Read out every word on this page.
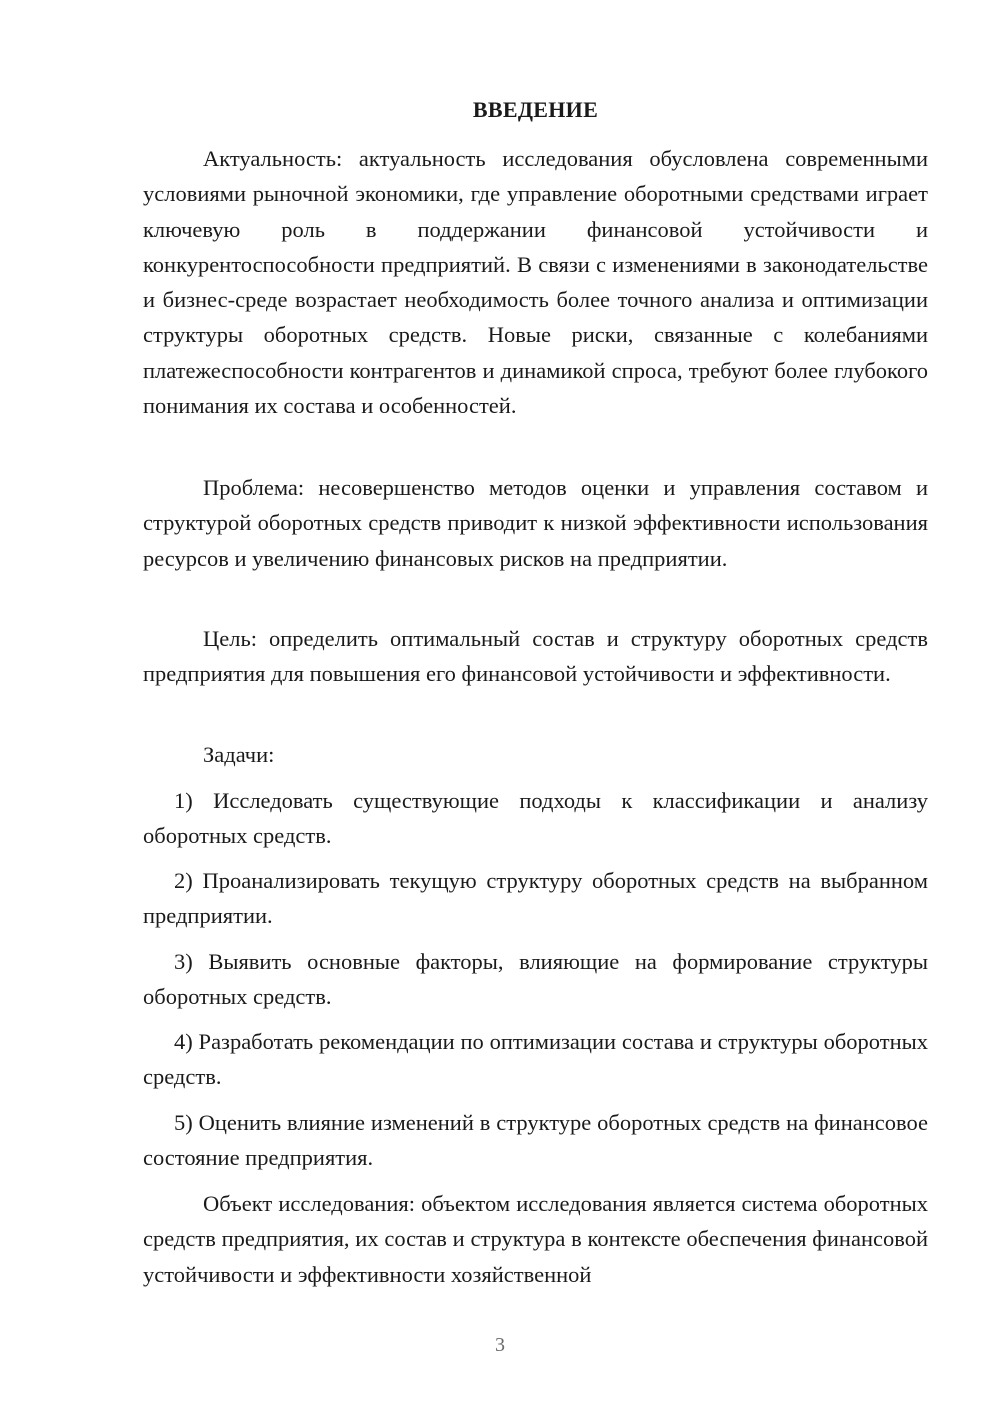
ВВЕДЕНИЕ

Актуальность: актуальность исследования обусловлена современными условиями рыночной экономики, где управление оборотными средствами играет ключевую роль в поддержании финансовой устойчивости и конкурентоспособности предприятий. В связи с изменениями в законодательстве и бизнес-среде возрастает необходимость более точного анализа и оптимизации структуры оборотных средств. Новые риски, связанные с колебаниями платежеспособности контрагентов и динамикой спроса, требуют более глубокого понимания их состава и особенностей.

Проблема: несовершенство методов оценки и управления составом и структурой оборотных средств приводит к низкой эффективности использования ресурсов и увеличению финансовых рисков на предприятии.

Цель: определить оптимальный состав и структуру оборотных средств предприятия для повышения его финансовой устойчивости и эффективности.

Задачи:

1) Исследовать существующие подходы к классификации и анализу оборотных средств.

2) Проанализировать текущую структуру оборотных средств на выбранном предприятии.

3) Выявить основные факторы, влияющие на формирование структуры оборотных средств.

4) Разработать рекомендации по оптимизации состава и структуры оборотных средств.

5) Оценить влияние изменений в структуре оборотных средств на финансовое состояние предприятия.

Объект исследования: объектом исследования является система оборотных средств предприятия, их состав и структура в контексте обеспечения финансовой устойчивости и эффективности хозяйственной

3
